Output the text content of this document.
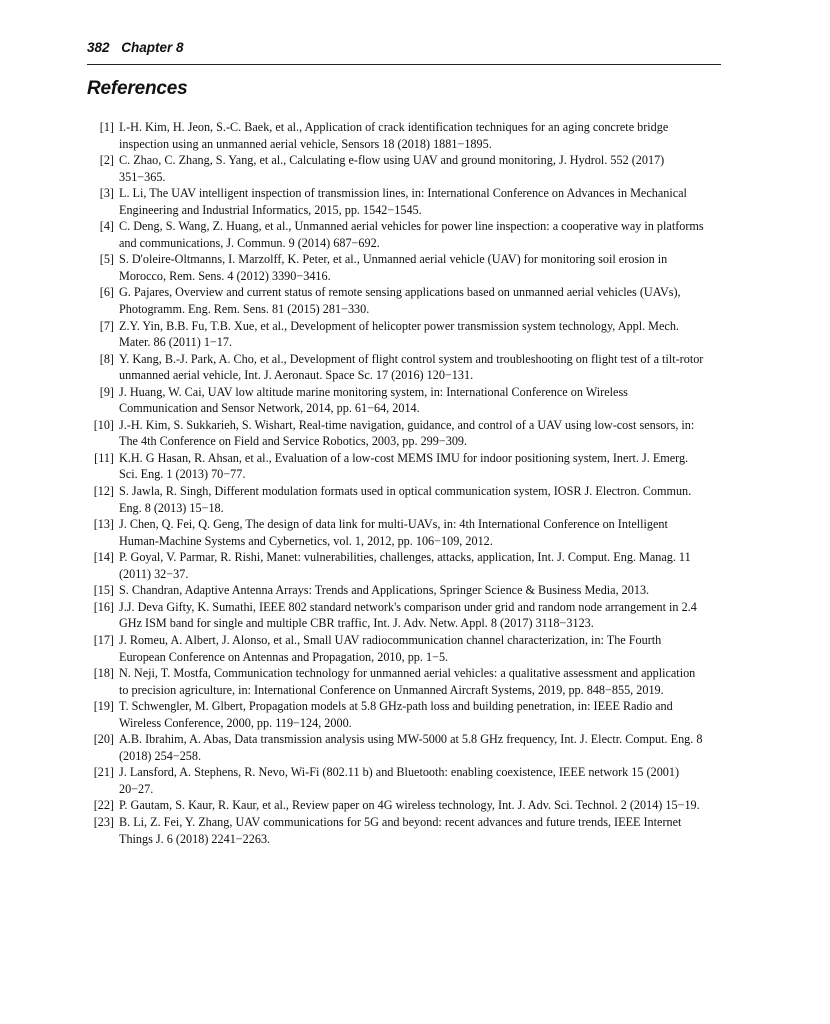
382 Chapter 8
References
[1] I.-H. Kim, H. Jeon, S.-C. Baek, et al., Application of crack identification techniques for an aging concrete bridge inspection using an unmanned aerial vehicle, Sensors 18 (2018) 1881−1895.
[2] C. Zhao, C. Zhang, S. Yang, et al., Calculating e-flow using UAV and ground monitoring, J. Hydrol. 552 (2017) 351−365.
[3] L. Li, The UAV intelligent inspection of transmission lines, in: International Conference on Advances in Mechanical Engineering and Industrial Informatics, 2015, pp. 1542−1545.
[4] C. Deng, S. Wang, Z. Huang, et al., Unmanned aerial vehicles for power line inspection: a cooperative way in platforms and communications, J. Commun. 9 (2014) 687−692.
[5] S. D'oleire-Oltmanns, I. Marzolff, K. Peter, et al., Unmanned aerial vehicle (UAV) for monitoring soil erosion in Morocco, Rem. Sens. 4 (2012) 3390−3416.
[6] G. Pajares, Overview and current status of remote sensing applications based on unmanned aerial vehicles (UAVs), Photogramm. Eng. Rem. Sens. 81 (2015) 281−330.
[7] Z.Y. Yin, B.B. Fu, T.B. Xue, et al., Development of helicopter power transmission system technology, Appl. Mech. Mater. 86 (2011) 1−17.
[8] Y. Kang, B.-J. Park, A. Cho, et al., Development of flight control system and troubleshooting on flight test of a tilt-rotor unmanned aerial vehicle, Int. J. Aeronaut. Space Sc. 17 (2016) 120−131.
[9] J. Huang, W. Cai, UAV low altitude marine monitoring system, in: International Conference on Wireless Communication and Sensor Network, 2014, pp. 61−64, 2014.
[10] J.-H. Kim, S. Sukkarieh, S. Wishart, Real-time navigation, guidance, and control of a UAV using low-cost sensors, in: The 4th Conference on Field and Service Robotics, 2003, pp. 299−309.
[11] K.H. G Hasan, R. Ahsan, et al., Evaluation of a low-cost MEMS IMU for indoor positioning system, Inert. J. Emerg. Sci. Eng. 1 (2013) 70−77.
[12] S. Jawla, R. Singh, Different modulation formats used in optical communication system, IOSR J. Electron. Commun. Eng. 8 (2013) 15−18.
[13] J. Chen, Q. Fei, Q. Geng, The design of data link for multi-UAVs, in: 4th International Conference on Intelligent Human-Machine Systems and Cybernetics, vol. 1, 2012, pp. 106−109, 2012.
[14] P. Goyal, V. Parmar, R. Rishi, Manet: vulnerabilities, challenges, attacks, application, Int. J. Comput. Eng. Manag. 11 (2011) 32−37.
[15] S. Chandran, Adaptive Antenna Arrays: Trends and Applications, Springer Science & Business Media, 2013.
[16] J.J. Deva Gifty, K. Sumathi, IEEE 802 standard network's comparison under grid and random node arrangement in 2.4 GHz ISM band for single and multiple CBR traffic, Int. J. Adv. Netw. Appl. 8 (2017) 3118−3123.
[17] J. Romeu, A. Albert, J. Alonso, et al., Small UAV radiocommunication channel characterization, in: The Fourth European Conference on Antennas and Propagation, 2010, pp. 1−5.
[18] N. Neji, T. Mostfa, Communication technology for unmanned aerial vehicles: a qualitative assessment and application to precision agriculture, in: International Conference on Unmanned Aircraft Systems, 2019, pp. 848−855, 2019.
[19] T. Schwengler, M. Glbert, Propagation models at 5.8 GHz-path loss and building penetration, in: IEEE Radio and Wireless Conference, 2000, pp. 119−124, 2000.
[20] A.B. Ibrahim, A. Abas, Data transmission analysis using MW-5000 at 5.8 GHz frequency, Int. J. Electr. Comput. Eng. 8 (2018) 254−258.
[21] J. Lansford, A. Stephens, R. Nevo, Wi-Fi (802.11 b) and Bluetooth: enabling coexistence, IEEE network 15 (2001) 20−27.
[22] P. Gautam, S. Kaur, R. Kaur, et al., Review paper on 4G wireless technology, Int. J. Adv. Sci. Technol. 2 (2014) 15−19.
[23] B. Li, Z. Fei, Y. Zhang, UAV communications for 5G and beyond: recent advances and future trends, IEEE Internet Things J. 6 (2018) 2241−2263.
